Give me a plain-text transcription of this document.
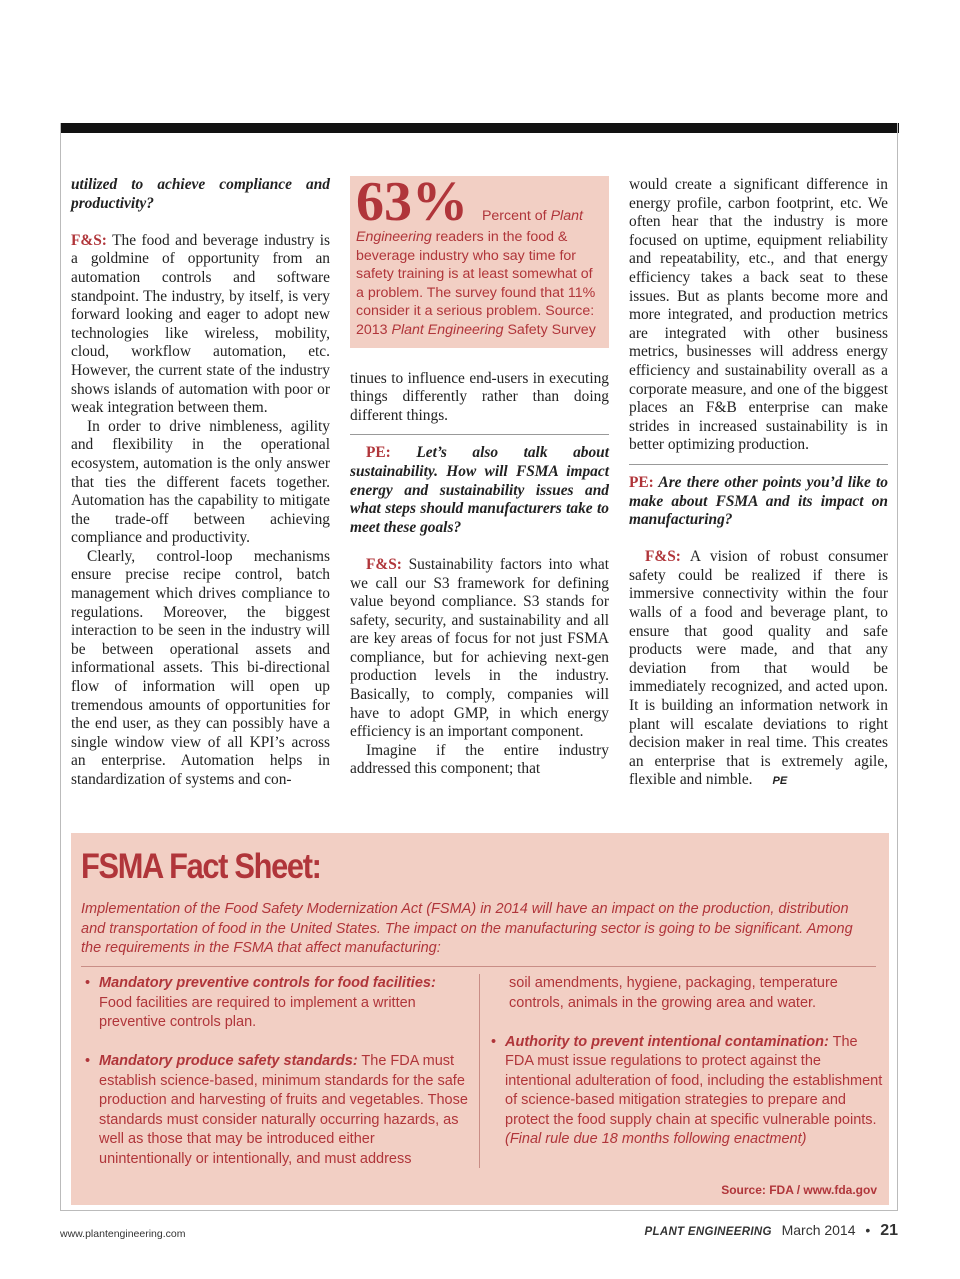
utilized to achieve compliance and productivity?

F&S: The food and beverage industry is a goldmine of opportunity from an automation controls and software standpoint. The industry, by itself, is very forward looking and eager to adopt new technologies like wireless, mobility, cloud, workflow automation, etc. However, the current state of the industry shows islands of automation with poor or weak integration between them.

In order to drive nimbleness, agility and flexibility in the operational ecosystem, automation is the only answer that ties the different facets together. Automation has the capability to mitigate the trade-off between achieving compliance and productivity.

Clearly, control-loop mechanisms ensure precise recipe control, batch management which drives compliance to regulations. Moreover, the biggest interaction to be seen in the industry will be between operational assets and informational assets. This bi-directional flow of information will open up tremendous amounts of opportunities for the end user, as they can possibly have a single window view of all KPI’s across an enterprise. Automation helps in standardization of systems and con-

63% Percent of Plant Engineering readers in the food & beverage industry who say time for safety training is at least somewhat of a problem. The survey found that 11% consider it a serious problem. Source: 2013 Plant Engineering Safety Survey

tinues to influence end-users in executing things differently rather than doing different things.

PE: Let’s also talk about sustainability. How will FSMA impact energy and sustainability issues and what steps should manufacturers take to meet these goals?

F&S: Sustainability factors into what we call our S3 framework for defining value beyond compliance. S3 stands for safety, security, and sustainability and all are key areas of focus for not just FSMA compliance, but for achieving next-gen production levels in the industry. Basically, to comply, companies will have to adopt GMP, in which energy efficiency is an important component.

Imagine if the entire industry addressed this component; that

would create a significant difference in energy profile, carbon footprint, etc. We often hear that the industry is more focused on uptime, equipment reliability and repeatability, etc., and that energy efficiency takes a back seat to these issues. But as plants become more and more integrated, and production metrics are integrated with other business metrics, businesses will address energy efficiency and sustainability overall as a corporate measure, and one of the biggest places an F&B enterprise can make strides in increased sustainability is in better optimizing production.

PE: Are there other points you’d like to make about FSMA and its impact on manufacturing?

F&S: A vision of robust consumer safety could be realized if there is immersive connectivity within the four walls of a food and beverage plant, to ensure that good quality and safe products were made, and that any deviation from that would be immediately recognized, and acted upon. It is building an information network in plant will escalate deviations to right decision maker in real time. This creates an enterprise that is extremely agile, flexible and nimble. PE

FSMA Fact Sheet:
Implementation of the Food Safety Modernization Act (FSMA) in 2014 will have an impact on the production, distribution and transportation of food in the United States. The impact on the manufacturing sector is going to be significant. Among the requirements in the FSMA that affect manufacturing:
• Mandatory preventive controls for food facilities:
Food facilities are required to implement a written preventive controls plan.
• Mandatory produce safety standards: The FDA must establish science-based, minimum standards for the safe production and harvesting of fruits and vegetables. Those standards must consider naturally occurring hazards, as well as those that may be introduced either unintentionally or intentionally, and must address
soil amendments, hygiene, packaging, temperature controls, animals in the growing area and water.
• Authority to prevent intentional contamination: The FDA must issue regulations to protect against the intentional adulteration of food, including the establishment of science-based mitigation strategies to prepare and protect the food supply chain at specific vulnerable points. (Final rule due 18 months following enactment)
Source: FDA / www.fda.gov
www.plantengineering.com	PLANT ENGINEERING March 2014 • 21
